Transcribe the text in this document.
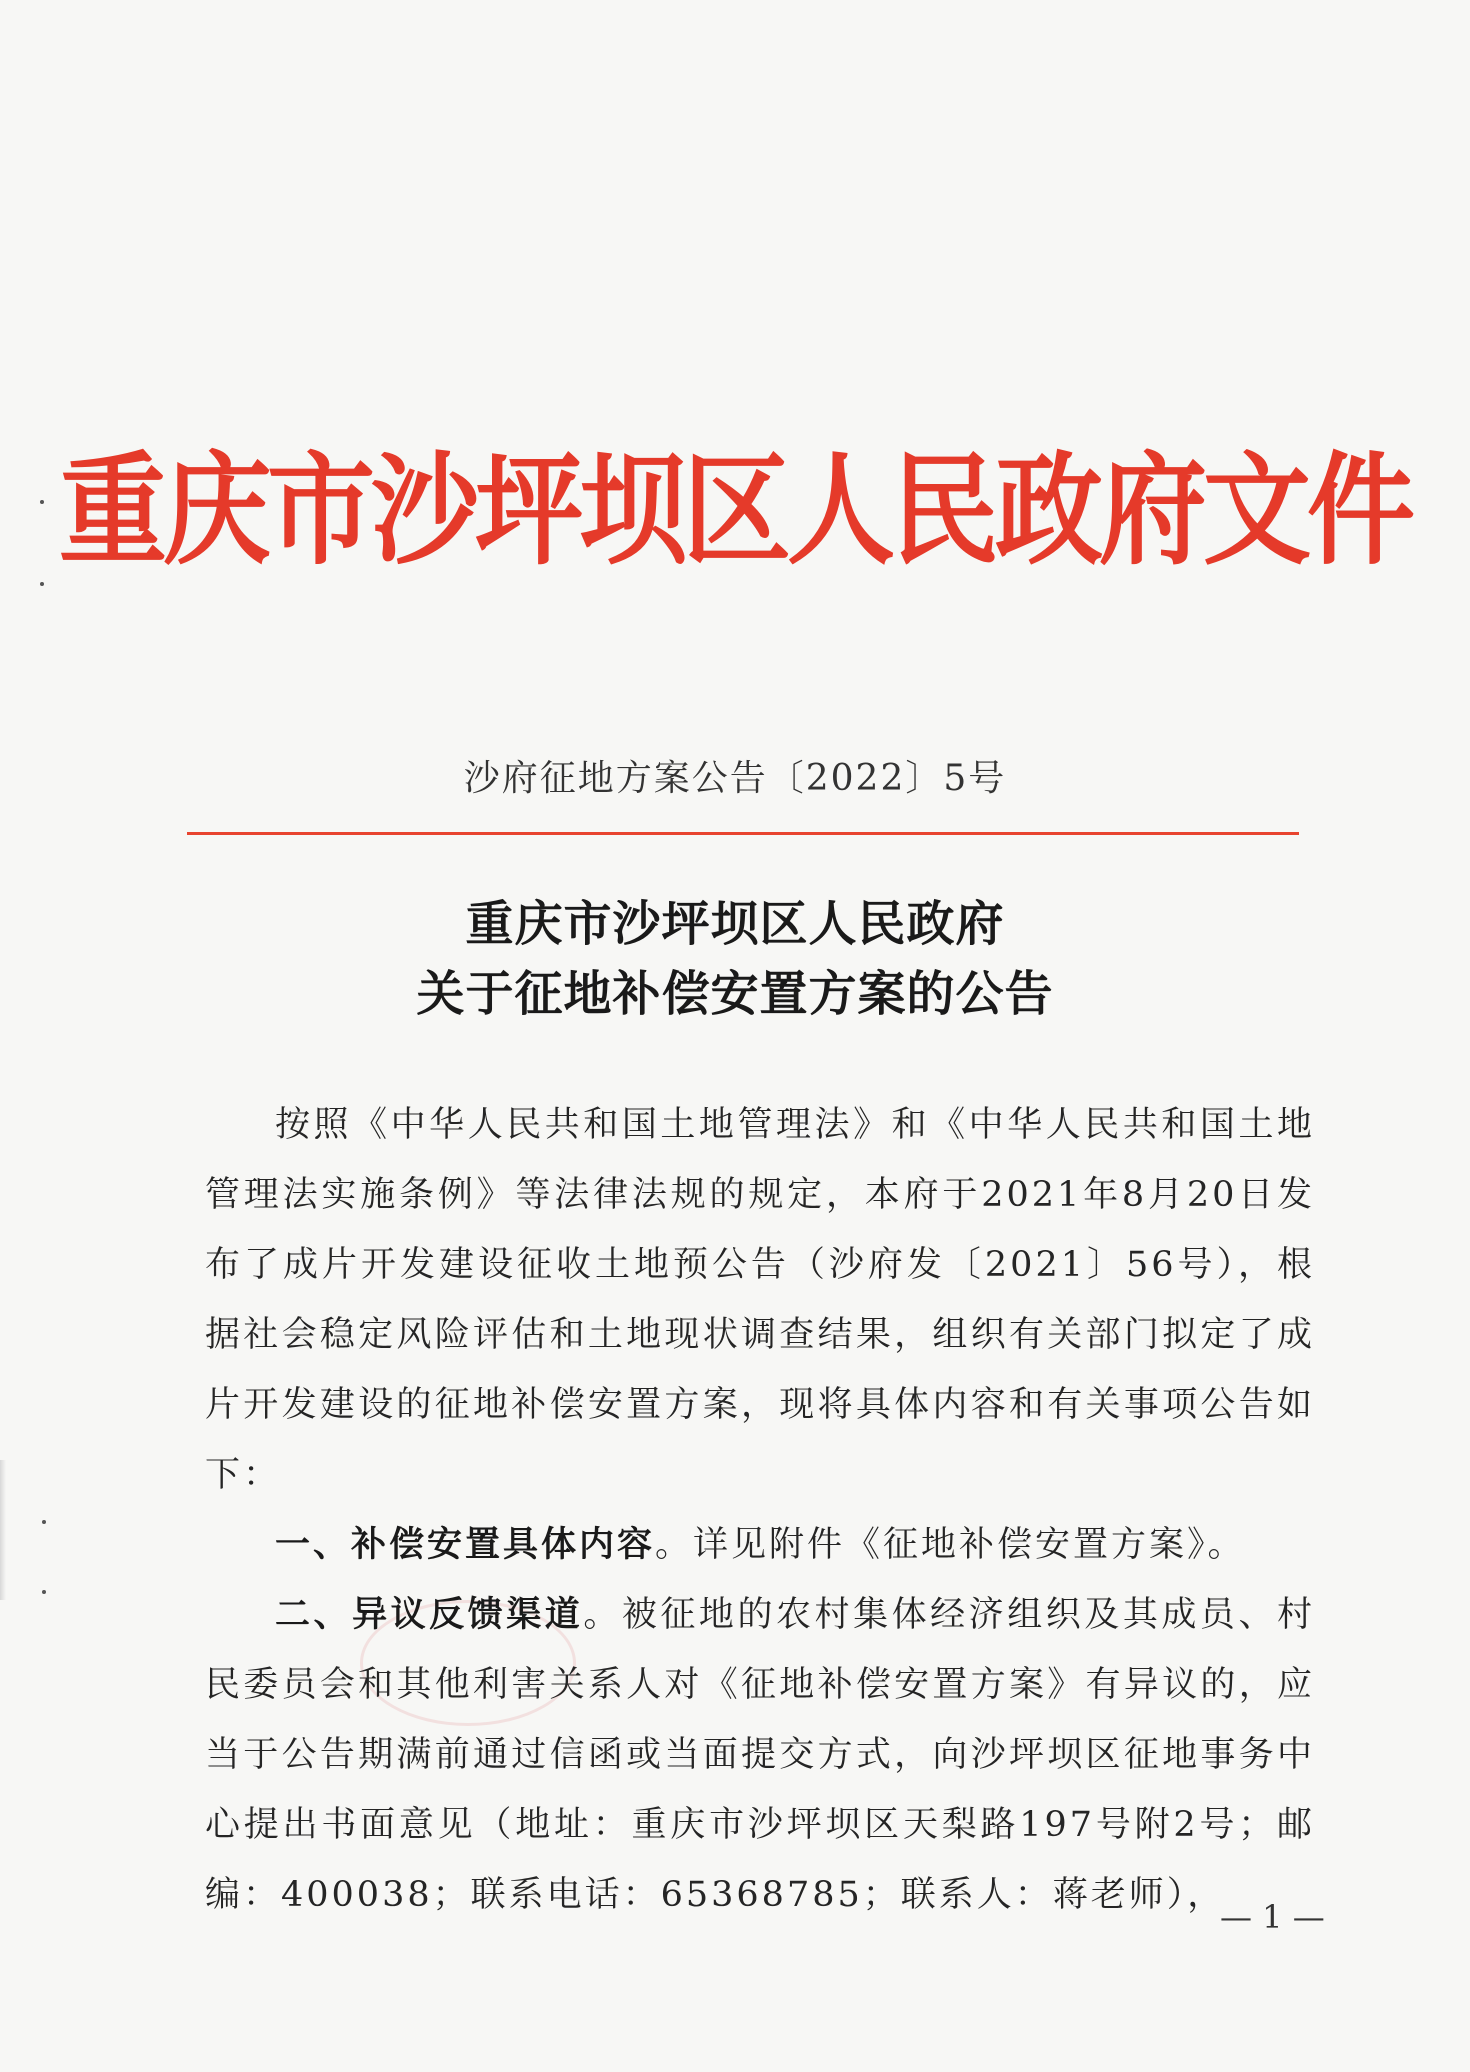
重庆市沙坪坝区人民政府文件
沙府征地方案公告〔2022〕5号
重庆市沙坪坝区人民政府
关于征地补偿安置方案的公告

按照《中华人民共和国土地管理法》和《中华人民共和国土地管理法实施条例》等法律法规的规定，本府于2021年8月20日发布了成片开发建设征收土地预公告（沙府发〔2021〕56号），根据社会稳定风险评估和土地现状调查结果，组织有关部门拟定了成片开发建设的征地补偿安置方案，现将具体内容和有关事项公告如下：

一、补偿安置具体内容。详见附件《征地补偿安置方案》。

二、异议反馈渠道。被征地的农村集体经济组织及其成员、村民委员会和其他利害关系人对《征地补偿安置方案》有异议的，应当于公告期满前通过信函或当面提交方式，向沙坪坝区征地事务中心提出书面意见（地址：重庆市沙坪坝区天梨路197号附2号；邮编：400038；联系电话：65368785；联系人：蒋老师），

— 1 —
